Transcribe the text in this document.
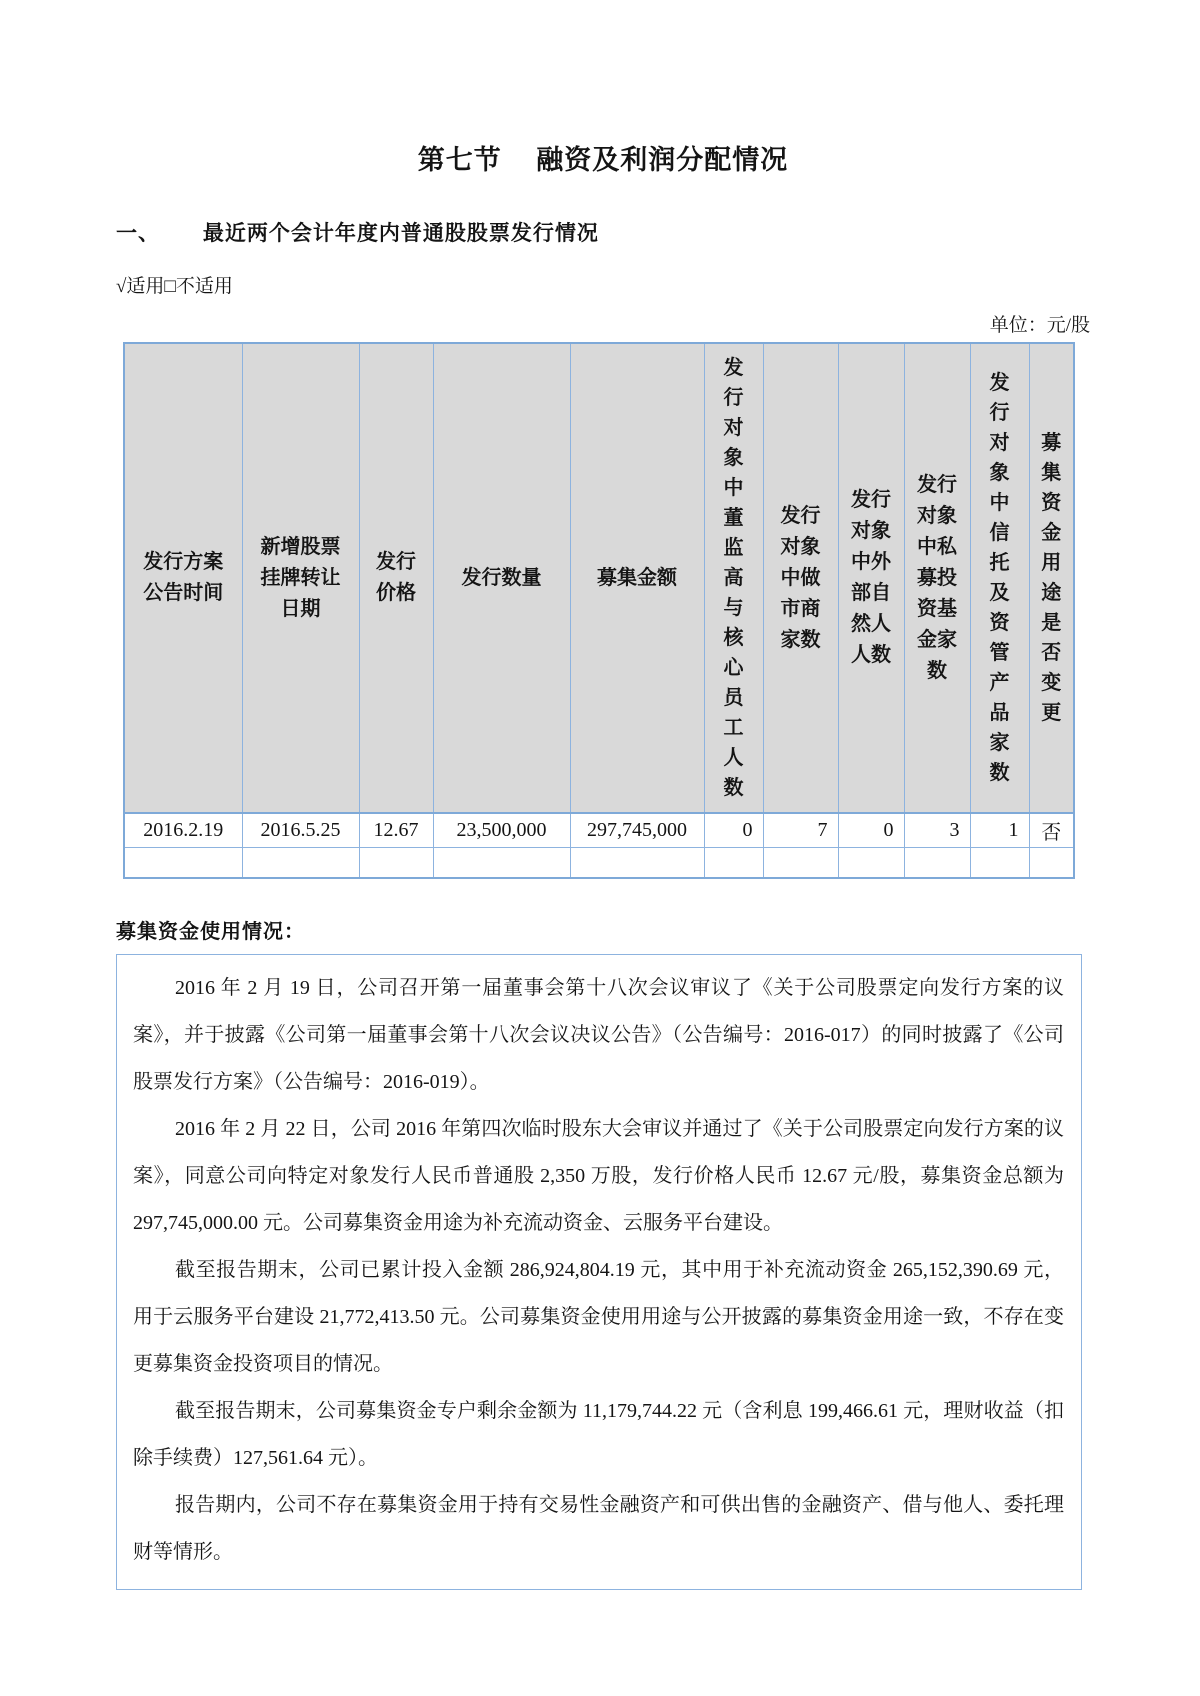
第七节 融资及利润分配情况
一、 最近两个会计年度内普通股股票发行情况
√适用□不适用
单位：元/股
发行方案公告时间	新增股票挂牌转让日期	发行价格	发行数量	募集金额	发行对象中董监高与核心员工人数	发行对象中做市商家数	发行对象中外部自然人人数	发行对象中私募投资基金家数	发行对象中信托及资管产品家数	募集资金用途是否变更

2016.2.19	2016.5.25	12.67	23,500,000	297,745,000	0	7	0	3	1	否

募集资金使用情况：

2016 年 2 月 19 日，公司召开第一届董事会第十八次会议审议了《关于公司股票定向发行方案的议案》，并于披露《公司第一届董事会第十八次会议决议公告》（公告编号：2016-017）的同时披露了《公司股票发行方案》（公告编号：2016-019）。

2016 年 2 月 22 日，公司 2016 年第四次临时股东大会审议并通过了《关于公司股票定向发行方案的议案》，同意公司向特定对象发行人民币普通股 2,350 万股，发行价格人民币 12.67 元/股，募集资金总额为 297,745,000.00 元。公司募集资金用途为补充流动资金、云服务平台建设。

截至报告期末，公司已累计投入金额 286,924,804.19 元，其中用于补充流动资金 265,152,390.69 元，用于云服务平台建设 21,772,413.50 元。公司募集资金使用用途与公开披露的募集资金用途一致，不存在变更募集资金投资项目的情况。

截至报告期末，公司募集资金专户剩余金额为 11,179,744.22 元（含利息 199,466.61 元，理财收益（扣除手续费）127,561.64 元）。

报告期内，公司不存在募集资金用于持有交易性金融资产和可供出售的金融资产、借与他人、委托理财等情形。
